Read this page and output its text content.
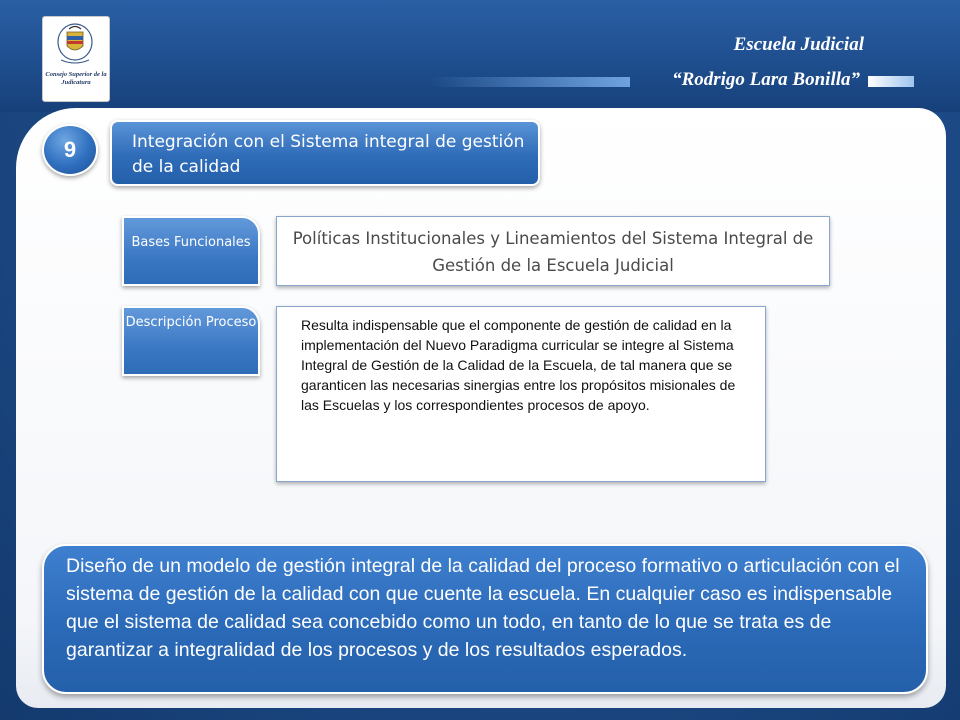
Consejo Superior de la Judicatura
Escuela Judicial
“Rodrigo Lara Bonilla”
9	Integración con el Sistema integral de gestión de la calidad
Bases Funcionales	Políticas Institucionales y Lineamientos del Sistema Integral de Gestión de la Escuela Judicial
Descripción Proceso	Resulta indispensable que el componente de gestión de calidad en la implementación del Nuevo Paradigma curricular se integre al Sistema Integral de Gestión de la Calidad de la Escuela, de tal manera que se garanticen las necesarias sinergias entre los propósitos misionales de las Escuelas y los correspondientes procesos de apoyo.
Diseño de un modelo de gestión integral de la calidad del proceso formativo o articulación con el sistema de gestión de la calidad con que cuente la escuela. En cualquier caso es indispensable que el sistema de calidad sea concebido como un todo, en tanto de lo que se trata es de garantizar a integralidad de los procesos y de los resultados esperados.
